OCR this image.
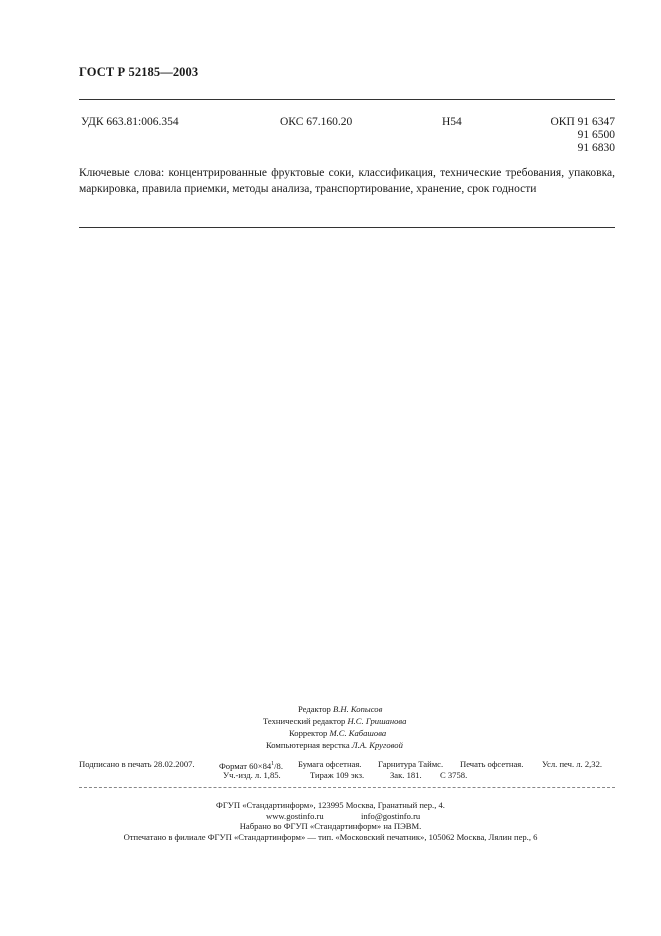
ГОСТ Р 52185—2003
УДК 663.81:006.354	ОКС 67.160.20	Н54	ОКП 91 6347
91 6500
91 6830
Ключевые слова: концентрированные фруктовые соки, классификация, технические требования, упаковка, маркировка, правила приемки, методы анализа, транспортирование, хранение, срок годности
Редактор В.Н. Копысов
Технический редактор Н.С. Гришанова
Корректор М.С. Кабашова
Компьютерная верстка Л.А. Круговой
Подписано в печать 28.02.2007.	Формат $60\times 84^1/8$. Бумага офсетная. Гарнитура Таймс. Печать офсетная. Усл. печ. л. 2,32.
Уч.-изд. л. 1,85.	Тираж 109 экз.	Зак. 181. С 3758.
ФГУП «Стандартинформ», 123995 Москва, Гранатный пер., 4.
www.gostinfo.ru	info@gostinfo.ru
Набрано во ФГУП «Стандартинформ» на ПЭВМ.
Отпечатано в филиале ФГУП «Стандартинформ» — тип. «Московский печатник», 105062 Москва, Лялин пер., 6
